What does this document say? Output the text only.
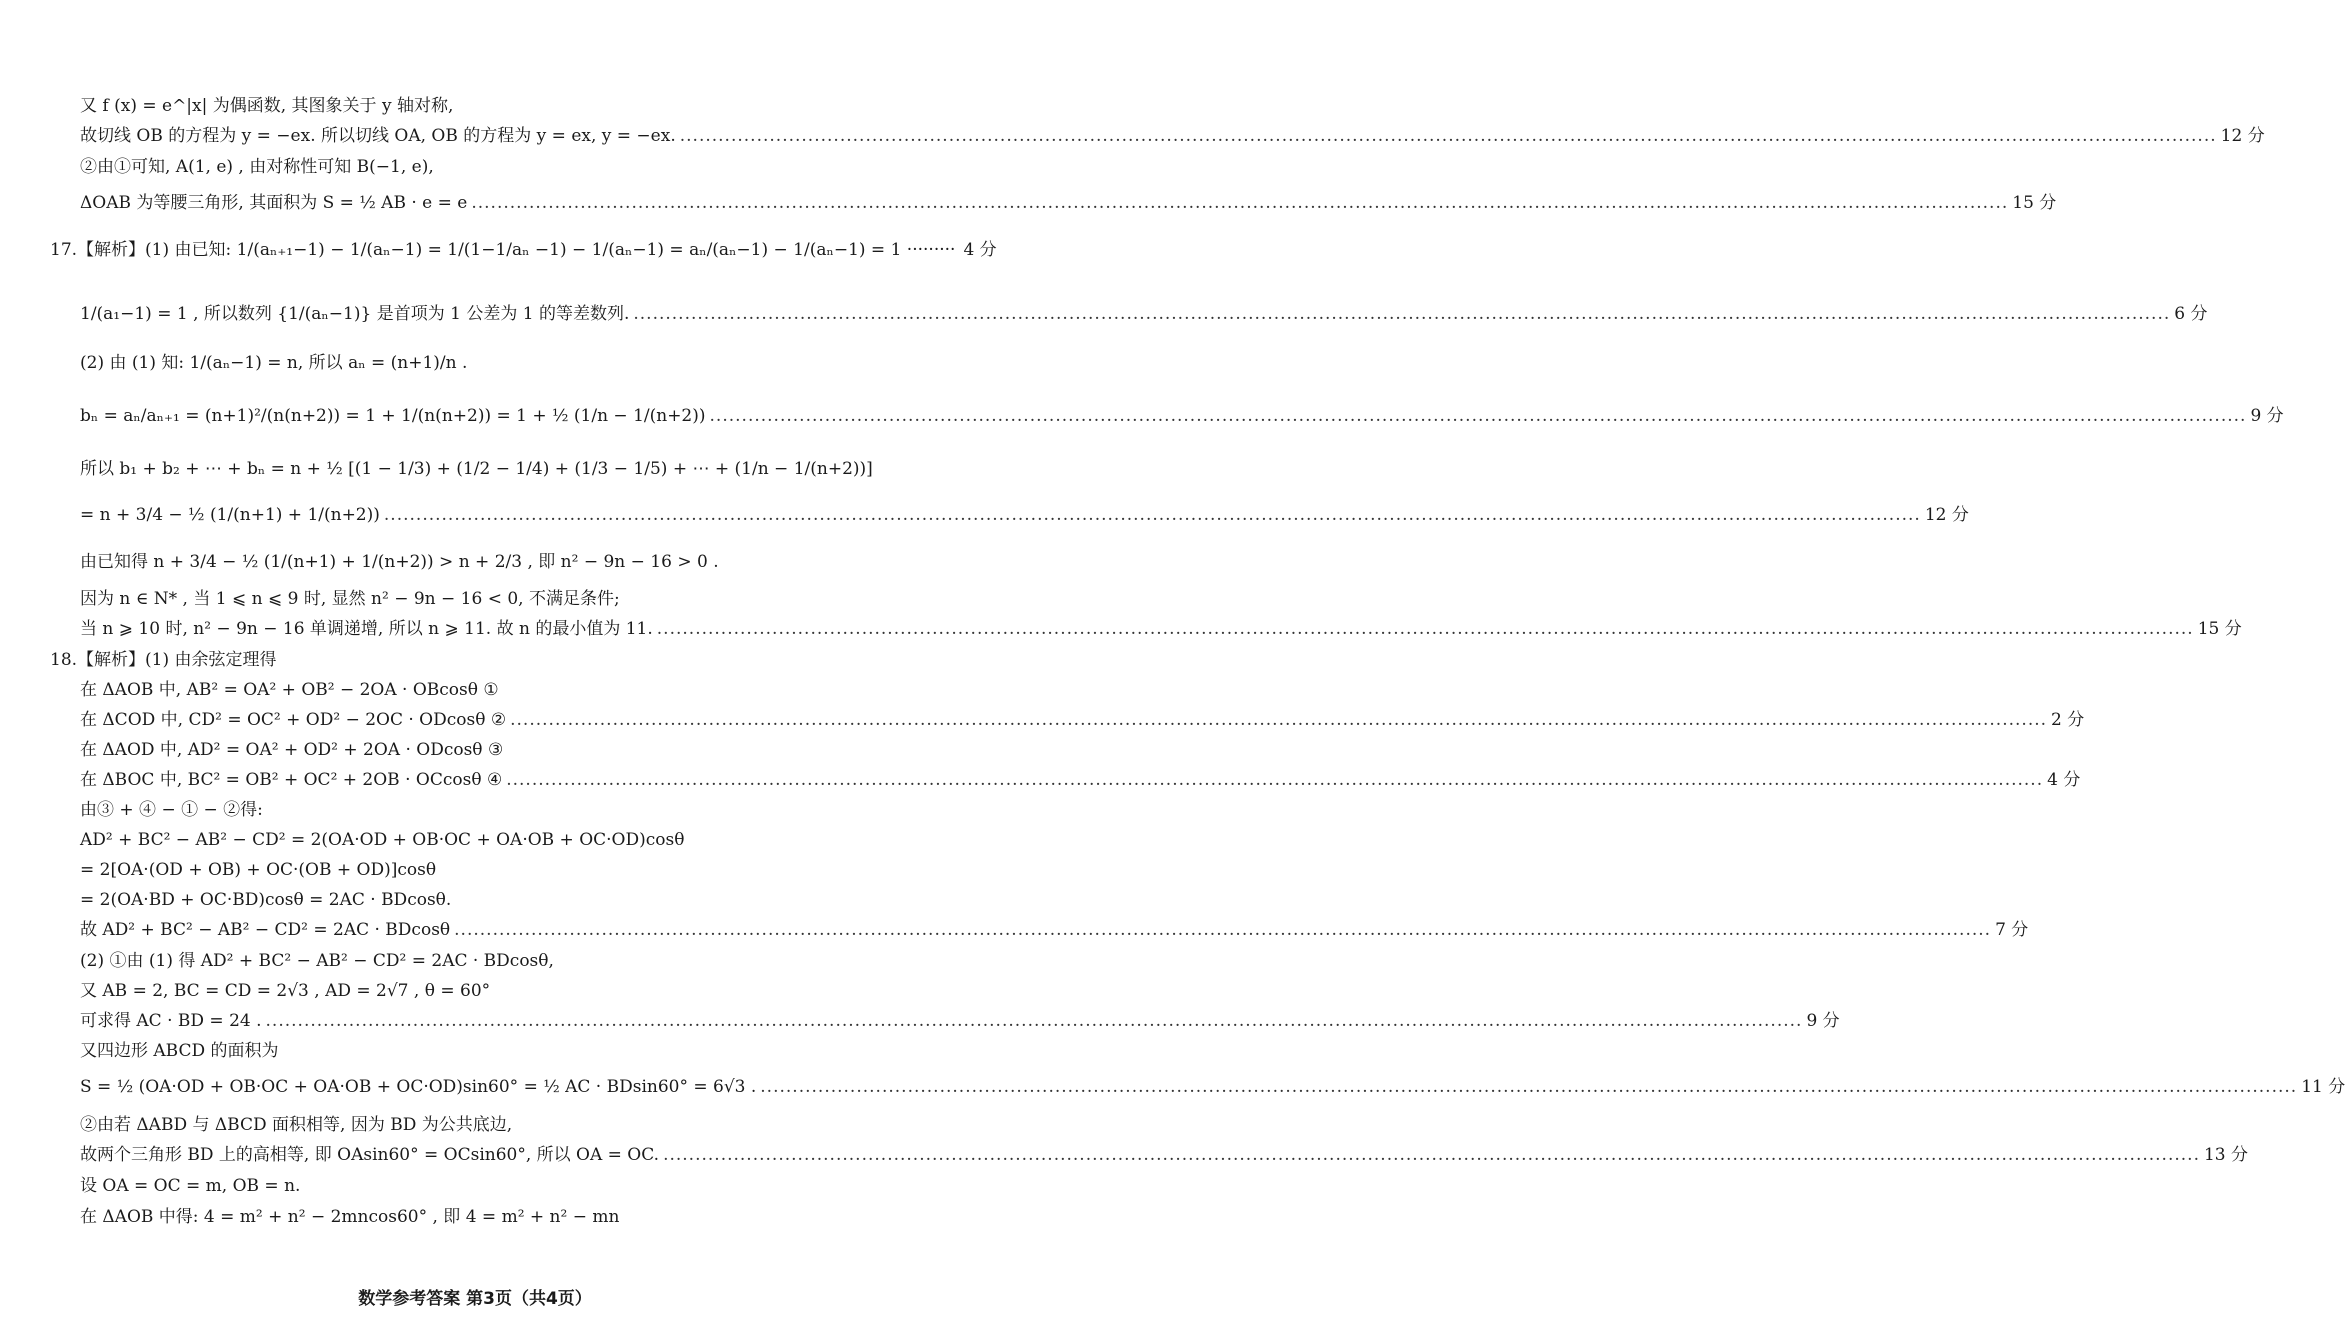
又 f (x) = e^|x| 为偶函数, 其图象关于 y 轴对称,
故切线 OB 的方程为 y = −ex. 所以切线 OA, OB 的方程为 y = ex, y = −ex. .....	12 分
②由①可知, A(1, e) , 由对称性可知 B(−1, e),
ΔOAB 为等腰三角形, 其面积为 S = ½ AB · e = e .....	15 分
17.【解析】(1) 由已知: 1/(aₙ₊₁−1) − 1/(aₙ−1) = 1/(1−1/aₙ −1) − 1/(aₙ−1) = aₙ/(aₙ−1) − 1/(aₙ−1) = 1 ········· 4 分
1/(a₁−1) = 1 , 所以数列 {1/(aₙ−1)} 是首项为 1 公差为 1 的等差数列. .....	6 分
(2) 由 (1) 知: 1/(aₙ−1) = n, 所以 aₙ = (n+1)/n .
bₙ = aₙ/aₙ₊₁ = (n+1)²/(n(n+2)) = 1 + 1/(n(n+2)) = 1 + ½ (1/n − 1/(n+2)) .....	9 分
所以 b₁ + b₂ + ⋯ + bₙ = n + ½ [(1 − 1/3) + (1/2 − 1/4) + (1/3 − 1/5) + ⋯ + (1/n − 1/(n+2))]
= n + 3/4 − ½ (1/(n+1) + 1/(n+2)) .....	12 分
由已知得 n + 3/4 − ½ (1/(n+1) + 1/(n+2)) > n + 2/3 , 即 n² − 9n − 16 > 0 .
因为 n ∈ N* , 当 1 ⩽ n ⩽ 9 时, 显然 n² − 9n − 16 < 0, 不满足条件;
当 n ⩾ 10 时, n² − 9n − 16 单调递增, 所以 n ⩾ 11. 故 n 的最小值为 11. .....	15 分
18.【解析】(1) 由余弦定理得
在 ΔAOB 中, AB² = OA² + OB² − 2OA · OBcosθ ①
在 ΔCOD 中, CD² = OC² + OD² − 2OC · ODcosθ ② .....	2 分
在 ΔAOD 中, AD² = OA² + OD² + 2OA · ODcosθ ③
在 ΔBOC 中, BC² = OB² + OC² + 2OB · OCcosθ ④ .....	4 分
由③ + ④ − ① − ②得:
AD² + BC² − AB² − CD² = 2(OA·OD + OB·OC + OA·OB + OC·OD)cosθ
= 2[OA·(OD + OB) + OC·(OB + OD)]cosθ
= 2(OA·BD + OC·BD)cosθ = 2AC · BDcosθ.
故 AD² + BC² − AB² − CD² = 2AC · BDcosθ .....	7 分
(2) ①由 (1) 得 AD² + BC² − AB² − CD² = 2AC · BDcosθ,
又 AB = 2, BC = CD = 2√3 , AD = 2√7 , θ = 60°
可求得 AC · BD = 24 . .....	9 分
又四边形 ABCD 的面积为
S = ½ (OA·OD + OB·OC + OA·OB + OC·OD)sin60° = ½ AC · BDsin60° = 6√3 . .....	11 分
②由若 ΔABD 与 ΔBCD 面积相等, 因为 BD 为公共底边,
故两个三角形 BD 上的高相等, 即 OAsin60° = OCsin60°, 所以 OA = OC. .....	13 分
设 OA = OC = m, OB = n.
在 ΔAOB 中得: 4 = m² + n² − 2mncos60° , 即 4 = m² + n² − mn
数学参考答案 第3页（共4页）
